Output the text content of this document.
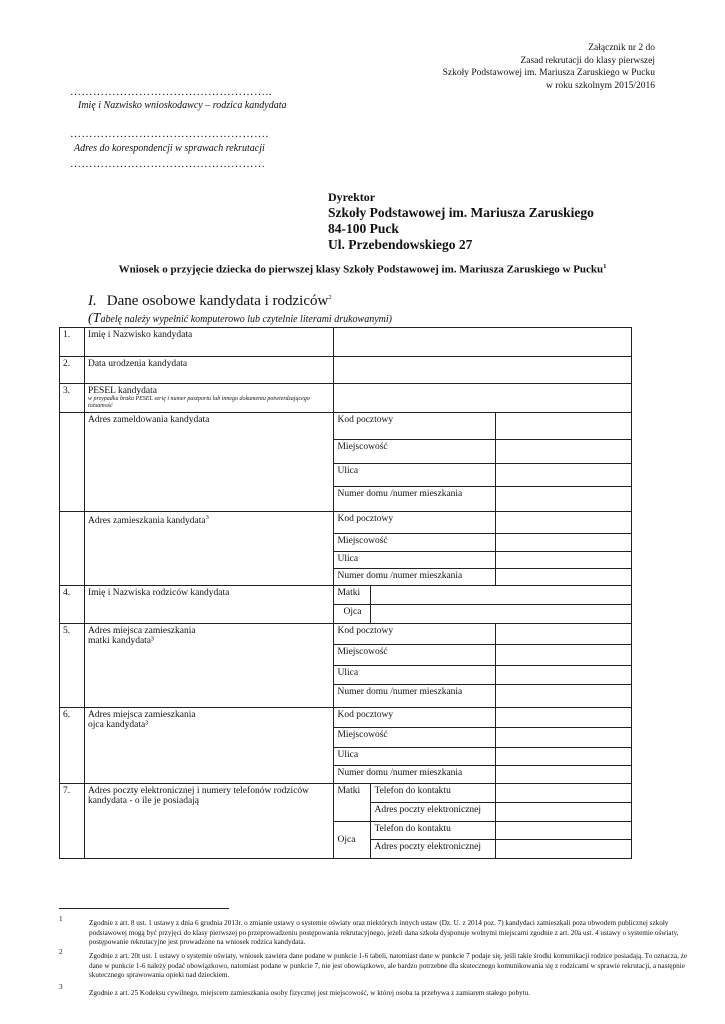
Załącznik nr 2 do
Zasad rekrutacji do klasy pierwszej
Szkoły Podstawowej im. Mariusza Zaruskiego w Pucku
w roku szkolnym 2015/2016
……………………………………………..
Imię i Nazwisko wnioskodawcy – rodzica kandydata
…………………………………………….
Adres do korespondencji w sprawach rekrutacji
……………………………………………
Dyrektor
Szkoły Podstawowej im. Mariusza Zaruskiego
84-100 Puck
Ul. Przebendowskiego 27
Wniosek o przyjęcie dziecka do pierwszej klasy Szkoły Podstawowej im. Mariusza Zaruskiego w Pucku$^1$
I. Dane osobowe kandydata i rodziców$^2$
(Tabelę należy wypełnić komputerowo lub czytelnie literami drukowanymi)
1.	Imię i Nazwisko kandydata			
2.	Data urodzenia kandydata			
3.	PESEL kandydata
w przypadku braku PESEL serię i numer paszportu lub innego dokumentu potwierdzającego tożsamość			

	Adres zameldowania kandydata	Kod pocztowy		
		Miejscowość		
		Ulica		
		Numer domu /numer mieszkania		
	Adres zamieszkania kandydata$^3$	Kod pocztowy		
		Miejscowość		
		Ulica		
		Numer domu /numer mieszkania		
4.	Imię i Nazwiska rodziców kandydata	Matki		
		Ojca		
5.	Adres miejsca zamieszkania
matki kandydata³	Kod pocztowy		
		Miejscowość		
		Ulica		
		Numer domu /numer mieszkania		
6.	Adres miejsca zamieszkania
ojca kandydata³	Kod pocztowy		
		Miejscowość		
		Ulica		
		Numer domu /numer mieszkania		
7.	Adres poczty elektronicznej i numery telefonów rodziców kandydata - o ile je posiadają	Matki	Telefon do kontaktu	
			Adres poczty elektronicznej	
		Ojca	Telefon do kontaktu	
			Adres poczty elektronicznej	
1	Zgodnie z art. 8 ust. 1 ustawy z dnia 6 grudnia 2013r. o zmianie ustawy o systemie oświaty oraz niektórych innych ustaw (Dz. U. z 2014 poz. 7) kandydaci zamieszkali poza obwodem publicznej szkoły podstawowej mogą być przyjęci do klasy pierwszej po przeprowadzeniu postępowania rekrutacyjnego, jeżeli dana szkoła dysponuje wolnymi miejscami zgodnie z art. 20a ust. 4 ustawy o systemie oświaty, postępowanie rekrutacyjne jest prowadzone na wniosek rodzica kandydata.
2	Zgodnie z art. 20t ust. 1 ustawy o systemie oświaty, wniosek zawiera dane podane w punkcie 1-6 tabeli, natomiast dane w punkcie 7 podaje się, jeśli takie środki komunikacji rodzice posiadają. To oznacza, że dane w punkcie 1-6 należy podać obowiązkowo, natomiast podane w punkcie 7, nie jest obowiązkowe, ale bardzo potrzebne dla skutecznego komunikowania się z rodzicami w sprawie rekrutacji, a następnie skutecznego sprawowania opieki nad dzieckiem.
3
Zgodnie z art. 25 Kodeksu cywilnego, miejscem zamieszkania osoby fizycznej jest miejscowość, w której osoba ta przebywa z zamiarem stałego pobytu.
